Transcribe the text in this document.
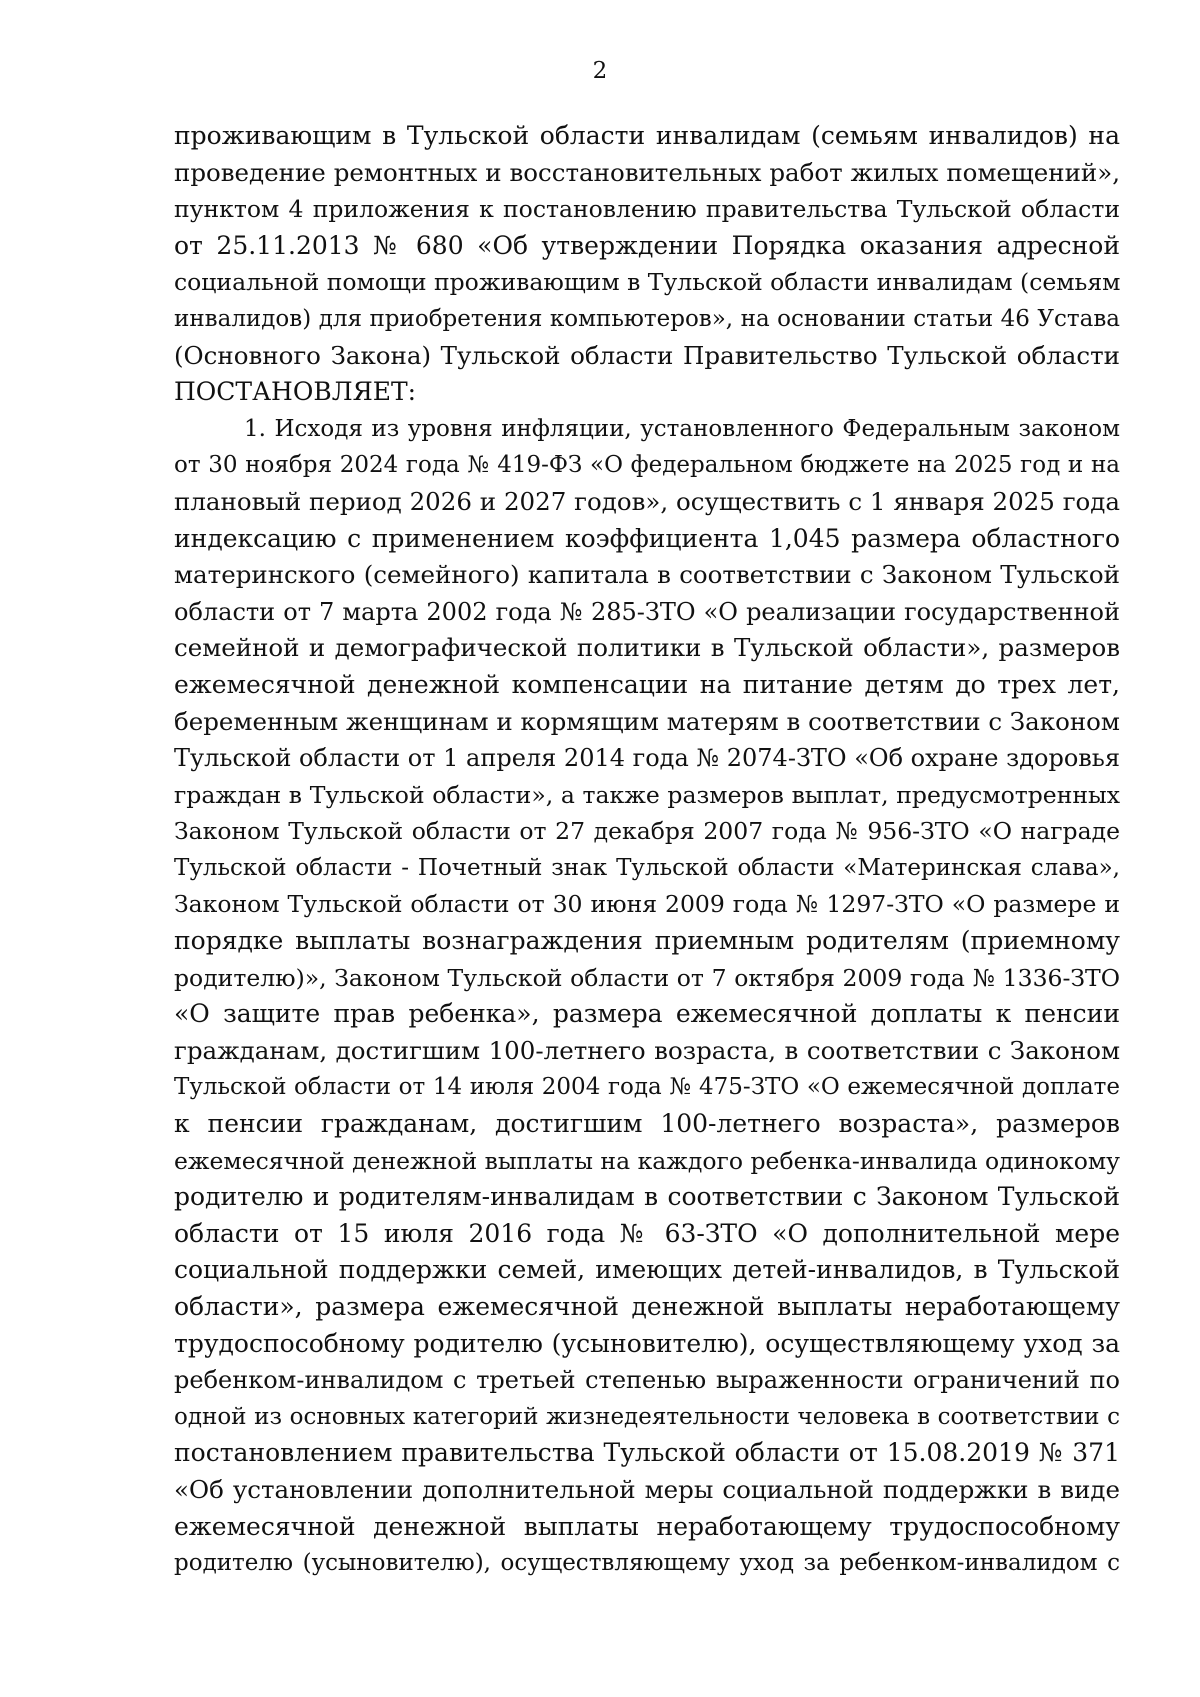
2
проживающим в Тульской области инвалидам (семьям инвалидов) на
проведение ремонтных и восстановительных работ жилых помещений»,
пунктом 4 приложения к постановлению правительства Тульской области
от 25.11.2013 № 680 «Об утверждении Порядка оказания адресной
социальной помощи проживающим в Тульской области инвалидам (семьям
инвалидов) для приобретения компьютеров», на основании статьи 46 Устава
(Основного Закона) Тульской области Правительство Тульской области
ПОСТАНОВЛЯЕТ:
1. Исходя из уровня инфляции, установленного Федеральным законом
от 30 ноября 2024 года № 419-ФЗ «О федеральном бюджете на 2025 год и на
плановый период 2026 и 2027 годов», осуществить с 1 января 2025 года
индексацию с применением коэффициента 1,045 размера областного
материнского (семейного) капитала в соответствии с Законом Тульской
области от 7 марта 2002 года № 285-ЗТО «О реализации государственной
семейной и демографической политики в Тульской области», размеров
ежемесячной денежной компенсации на питание детям до трех лет,
беременным женщинам и кормящим матерям в соответствии с Законом
Тульской области от 1 апреля 2014 года № 2074-ЗТО «Об охране здоровья
граждан в Тульской области», а также размеров выплат, предусмотренных
Законом Тульской области от 27 декабря 2007 года № 956-ЗТО «О награде
Тульской области - Почетный знак Тульской области «Материнская слава»,
Законом Тульской области от 30 июня 2009 года № 1297-ЗТО «О размере и
порядке выплаты вознаграждения приемным родителям (приемному
родителю)», Законом Тульской области от 7 октября 2009 года № 1336-ЗТО
«О защите прав ребенка», размера ежемесячной доплаты к пенсии
гражданам, достигшим 100-летнего возраста, в соответствии с Законом
Тульской области от 14 июля 2004 года № 475-ЗТО «О ежемесячной доплате
к пенсии гражданам, достигшим 100-летнего возраста», размеров
ежемесячной денежной выплаты на каждого ребенка-инвалида одинокому
родителю и родителям-инвалидам в соответствии с Законом Тульской
области от 15 июля 2016 года № 63-ЗТО «О дополнительной мере
социальной поддержки семей, имеющих детей-инвалидов, в Тульской
области», размера ежемесячной денежной выплаты неработающему
трудоспособному родителю (усыновителю), осуществляющему уход за
ребенком-инвалидом с третьей степенью выраженности ограничений по
одной из основных категорий жизнедеятельности человека в соответствии с
постановлением правительства Тульской области от 15.08.2019 № 371
«Об установлении дополнительной меры социальной поддержки в виде
ежемесячной денежной выплаты неработающему трудоспособному
родителю (усыновителю), осуществляющему уход за ребенком-инвалидом с
